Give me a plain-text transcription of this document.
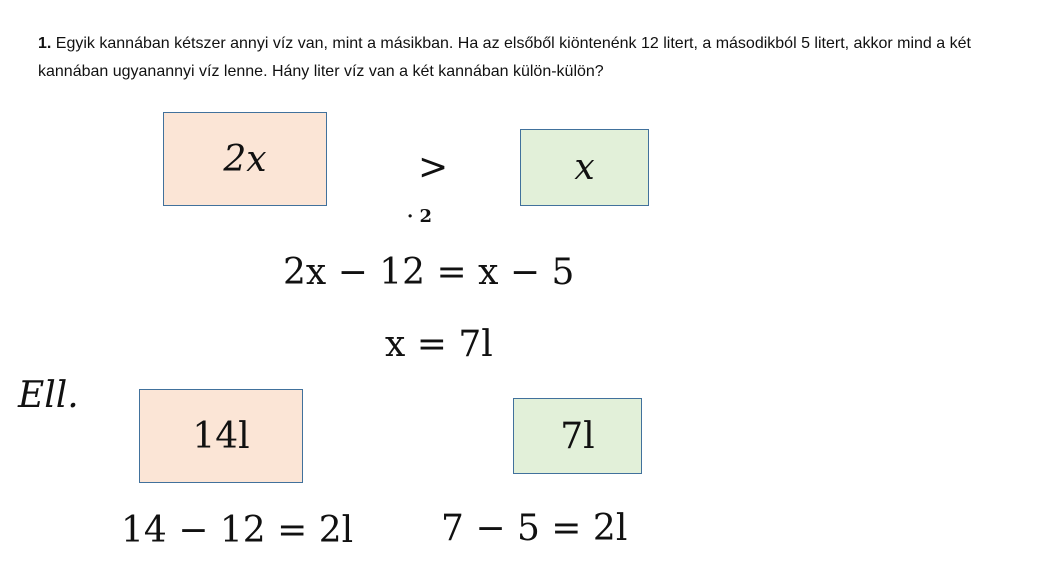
1. Egyik kannában kétszer annyi víz van, mint a másikban. Ha az elsőből kiöntenénk 12 litert, a másodikból 5 litert, akkor mind a két kannában ugyanannyi víz lenne. Hány liter víz van a két kannában külön-külön?
2x	>
· 2
x
2x − 12 = x − 5
x = 7l
Ell.
14l	7l
14 − 12 = 2l 7 − 5 = 2l
